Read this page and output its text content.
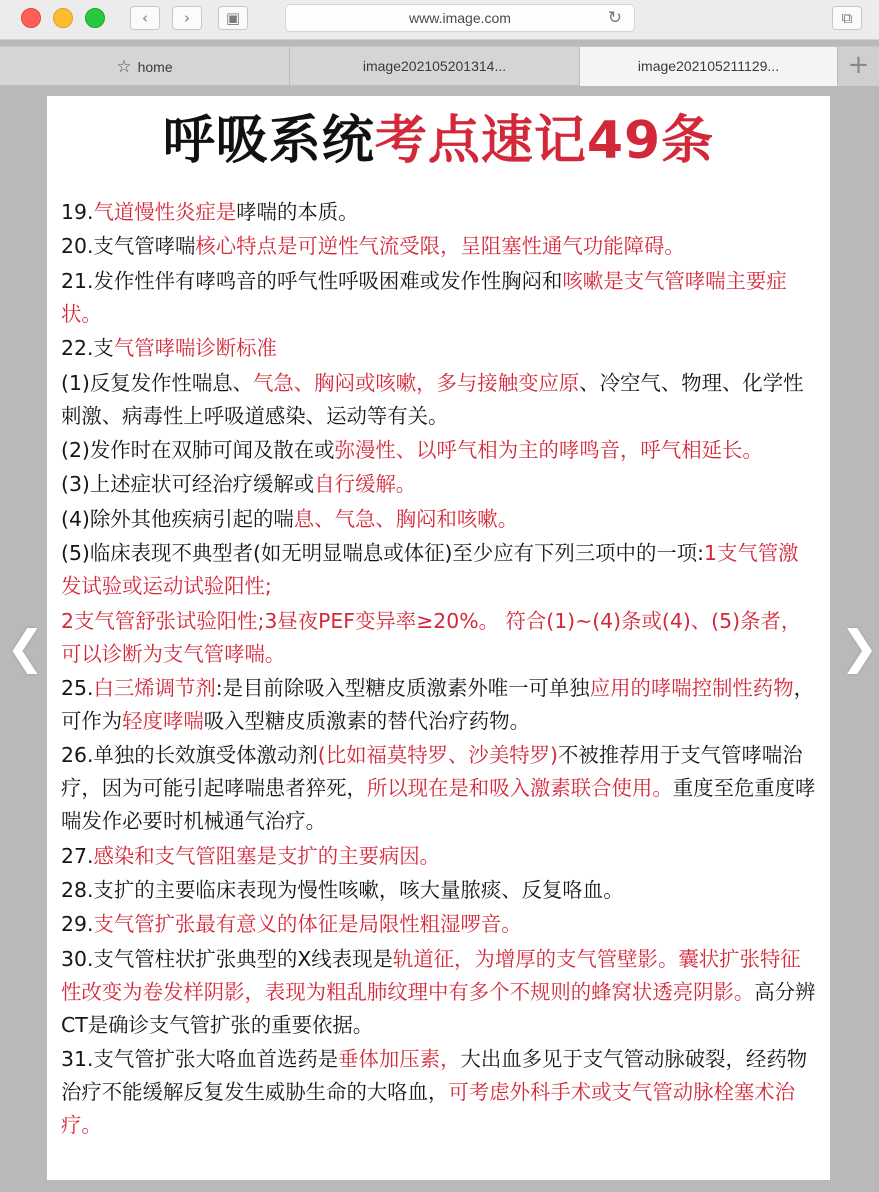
‹	›	▣	www.image.com	↻	⧉
☆ home	image202105201314...	image202105211129...	+
呼吸系统考点速记49条

19.气道慢性炎症是哮喘的本质。

20.支气管哮喘核心特点是可逆性气流受限，呈阻塞性通气功能障碍。

21.发作性伴有哮鸣音的呼气性呼吸困难或发作性胸闷和咳嗽是支气管哮喘主要症状。

22.支气管哮喘诊断标准

(1)反复发作性喘息、气急、胸闷或咳嗽，多与接触变应原、冷空气、物理、化学性刺激、病毒性上呼吸道感染、运动等有关。

(2)发作时在双肺可闻及散在或弥漫性、以呼气相为主的哮鸣音，呼气相延长。

(3)上述症状可经治疗缓解或自行缓解。

(4)除外其他疾病引起的喘息、气急、胸闷和咳嗽。

(5)临床表现不典型者(如无明显喘息或体征)至少应有下列三项中的一项:1支气管激发试验或运动试验阳性;

2支气管舒张试验阳性;3昼夜PEF变异率≥20%。 符合(1)~(4)条或(4)、(5)条者，可以诊断为支气管哮喘。

25.白三烯调节剂:是目前除吸入型糖皮质激素外唯一可单独应用的哮喘控制性药物，可作为轻度哮喘吸入型糖皮质激素的替代治疗药物。

26.单独的长效旗受体激动剂(比如福莫特罗、沙美特罗)不被推荐用于支气管哮喘治疗，因为可能引起哮喘患者猝死，所以现在是和吸入激素联合使用。重度至危重度哮喘发作必要时机械通气治疗。

27.感染和支气管阻塞是支扩的主要病因。

28.支扩的主要临床表现为慢性咳嗽，咳大量脓痰、反复咯血。

29.支气管扩张最有意义的体征是局限性粗湿啰音。

30.支气管柱状扩张典型的X线表现是轨道征，为增厚的支气管壁影。囊状扩张特征性改变为卷发样阴影，表现为粗乱肺纹理中有多个不规则的蜂窝状透亮阴影。高分辨CT是确诊支气管扩张的重要依据。

31.支气管扩张大咯血首选药是垂体加压素，大出血多见于支气管动脉破裂，经药物治疗不能缓解反复发生威胁生命的大咯血，可考虑外科手术或支气管动脉栓塞术治疗。

❮	❯
